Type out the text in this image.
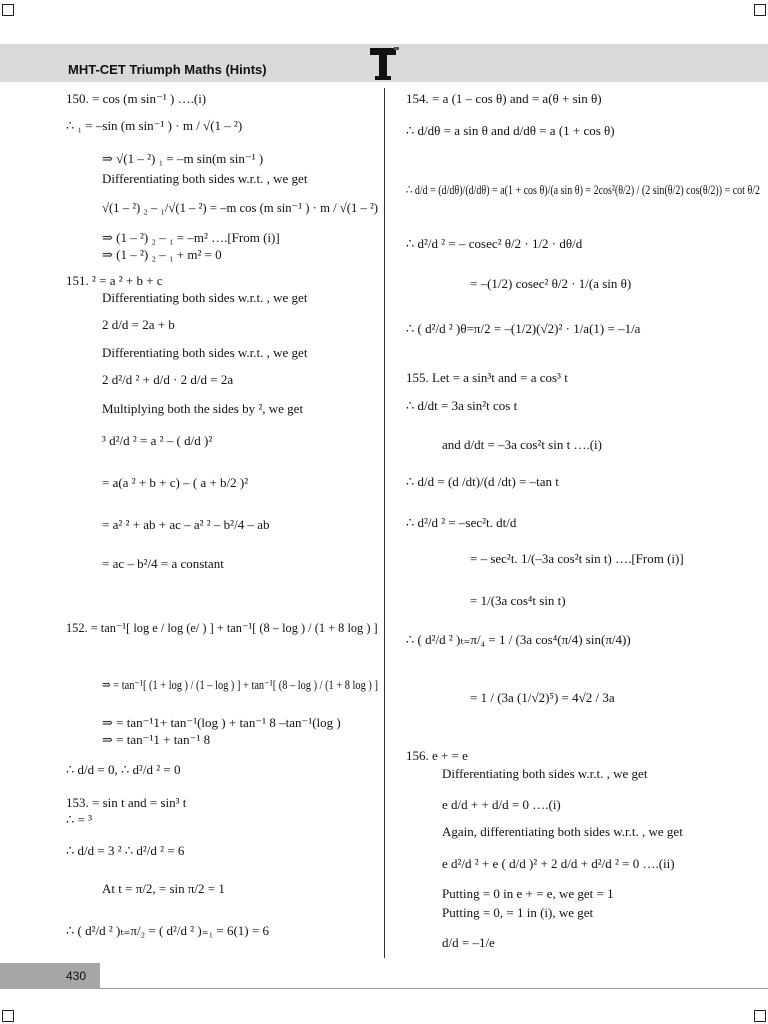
MHT-CET Triumph Maths (Hints)
150. = cos (m sin⁻¹ ) ….(i)
∴ ₁ = –sin (m sin⁻¹ ) · m / √(1 – ²)
⇒ √(1 – ²) ₁ = –m sin(m sin⁻¹ )
Differentiating both sides w.r.t. , we get
√(1 – ²) ₂ – ₁/√(1 – ²) = –m cos (m sin⁻¹ ) · m / √(1 – ²)
⇒ (1 – ²) ₂ – ₁ = –m² ….[From (i)]
⇒ (1 – ²) ₂ – ₁ + m² = 0
151. ² = a ² + b + c
Differentiating both sides w.r.t. , we get
2 d/d = 2a + b
Differentiating both sides w.r.t. , we get
2 d²/d ² + d/d · 2 d/d = 2a
Multiplying both the sides by ², we get
³ d²/d ² = a ² – ( d/d )²
= a(a ² + b + c) – ( a + b/2 )²
= a² ² + ab + ac – a² ² – b²/4 – ab
= ac – b²/4 = a constant
152. = tan⁻¹[ log e / log (e/ ) ] + tan⁻¹[ (8 – log ) / (1 + 8 log ) ]
⇒ = tan⁻¹[ (1 + log ) / (1 – log ) ] + tan⁻¹[ (8 – log ) / (1 + 8 log ) ]
⇒ = tan⁻¹1+ tan⁻¹(log ) + tan⁻¹ 8 –tan⁻¹(log )
⇒ = tan⁻¹1 + tan⁻¹ 8
∴ d/d = 0, ∴ d²/d ² = 0
153. = sin t and = sin³ t
∴ = ³
∴ d/d = 3 ² ∴ d²/d ² = 6
At t = π/2, = sin π/2 = 1
∴ ( d²/d ² )ₜ₌π/₂ = ( d²/d ² )₌₁ = 6(1) = 6
154. = a (1 – cos θ) and = a(θ + sin θ)
∴ d/dθ = a sin θ and d/dθ = a (1 + cos θ)
∴ d/d = (d/dθ)/(d/dθ) = a(1 + cos θ)/(a sin θ) = 2cos²(θ/2) / (2 sin(θ/2) cos(θ/2)) = cot θ/2
∴ d²/d ² = – cosec² θ/2 · 1/2 · dθ/d
= –(1/2) cosec² θ/2 · 1/(a sin θ)
∴ ( d²/d ² )θ=π/2 = –(1/2)(√2)² · 1/a(1) = –1/a
155. Let = a sin³t and = a cos³ t
∴ d/dt = 3a sin²t cos t
and d/dt = –3a cos²t sin t ….(i)
∴ d/d = (d /dt)/(d /dt) = –tan t
∴ d²/d ² = –sec²t. dt/d
= – sec²t. 1/(–3a cos²t sin t) ….[From (i)]
= 1/(3a cos⁴t sin t)
∴ ( d²/d ² )ₜ₌π/₄ = 1 / (3a cos⁴(π/4) sin(π/4))
= 1 / (3a (1/√2)⁵) = 4√2 / 3a
156. e + = e
Differentiating both sides w.r.t. , we get
e d/d + + d/d = 0 ….(i)
Again, differentiating both sides w.r.t. , we get
e d²/d ² + e ( d/d )² + 2 d/d + d²/d ² = 0 ….(ii)
Putting = 0 in e + = e, we get = 1
Putting = 0, = 1 in (i), we get
d/d = –1/e
430
